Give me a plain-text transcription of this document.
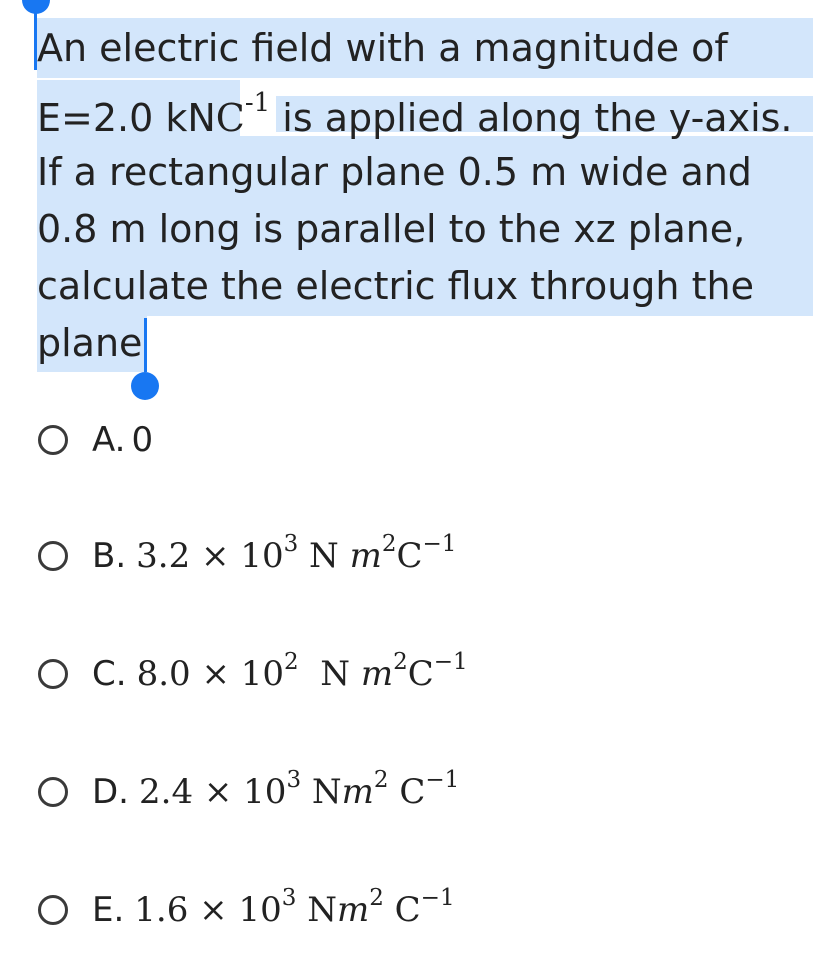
An electric field with a magnitude of
E=2.0 kNC$^{-1}$ is applied along the y-axis.
If a rectangular plane 0.5 m wide and
0.8 m long is parallel to the xz plane,
calculate the electric flux through the
plane
A. 0
B. $3.2 \times 10^3$ N $m^2C^{-1}$
C. $8.0 \times 10^2$ N $m^2C^{-1}$
D. $2.4 \times 10^3$ Nm$^2$ $C^{-1}$
E. $1.6 \times 10^3$ Nm$^2$ $C^{-1}$
